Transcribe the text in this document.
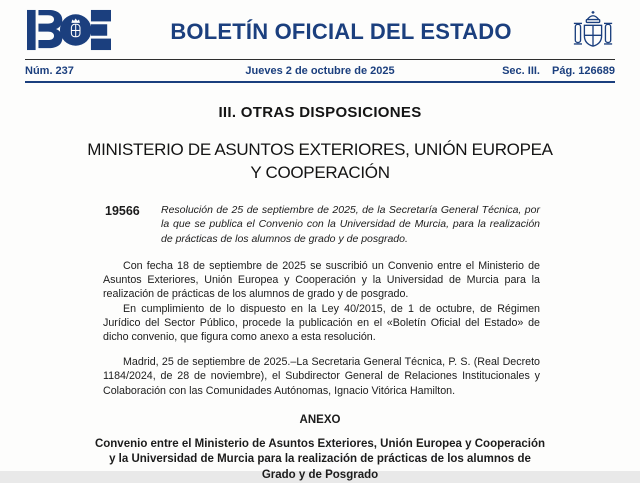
BOLETÍN OFICIAL DEL ESTADO
Núm. 237	Jueves 2 de octubre de 2025	Sec. III. Pág. 126689
III. OTRAS DISPOSICIONES
MINISTERIO DE ASUNTOS EXTERIORES, UNIÓN EUROPEA
Y COOPERACIÓN
19566	Resolución de 25 de septiembre de 2025, de la Secretaría General Técnica, por la que se publica el Convenio con la Universidad de Murcia, para la realización de prácticas de los alumnos de grado y de posgrado.

Con fecha 18 de septiembre de 2025 se suscribió un Convenio entre el Ministerio de Asuntos Exteriores, Unión Europea y Cooperación y la Universidad de Murcia para la realización de prácticas de los alumnos de grado y de posgrado.

En cumplimiento de lo dispuesto en la Ley 40/2015, de 1 de octubre, de Régimen Jurídico del Sector Público, procede la publicación en el «Boletín Oficial del Estado» de dicho convenio, que figura como anexo a esta resolución.

Madrid, 25 de septiembre de 2025.–La Secretaria General Técnica, P. S. (Real Decreto 1184/2024, de 28 de noviembre), el Subdirector General de Relaciones Institucionales y Colaboración con las Comunidades Autónomas, Ignacio Vitórica Hamilton.

ANEXO
Convenio entre el Ministerio de Asuntos Exteriores, Unión Europea y Cooperación
y la Universidad de Murcia para la realización de prácticas de los alumnos de
Grado y de Posgrado
